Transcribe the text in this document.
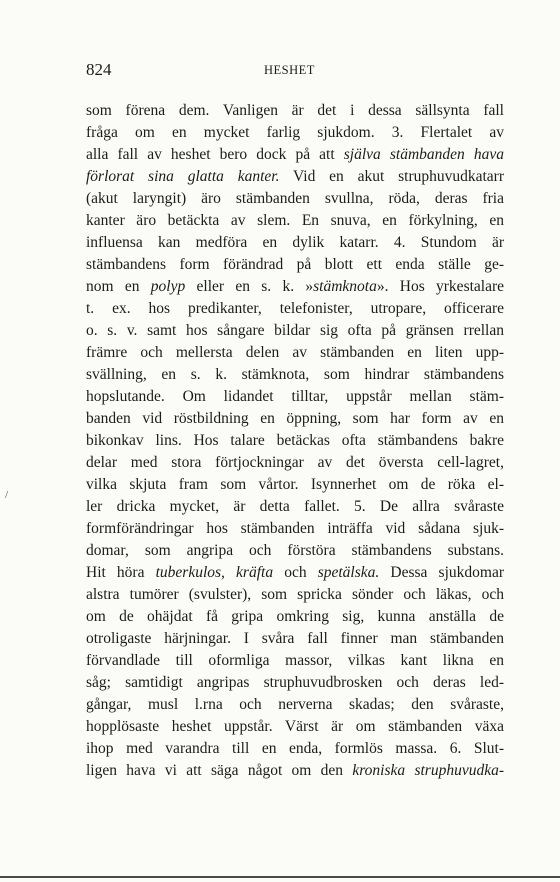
824	HESHET
som förena dem. Vanligen är det i dessa sällsynta fall
fråga om en mycket farlig sjukdom. 3. Flertalet av
alla fall av heshet bero dock på att själva stämbanden hava
förlorat sina glatta kanter. Vid en akut struphuvudkatarr
(akut laryngit) äro stämbanden svullna, röda, deras fria
kanter äro betäckta av slem. En snuva, en förkylning, en
influensa kan medföra en dylik katarr. 4. Stundom är
stämbandens form förändrad på blott ett enda ställe ge-
nom en polyp eller en s. k. »stämknota». Hos yrkestalare
t. ex. hos predikanter, telefonister, utropare, officerare
o. s. v. samt hos sångare bildar sig ofta på gränsen rrellan
främre och mellersta delen av stämbanden en liten upp-
svällning, en s. k. stämknota, som hindrar stämbandens
hopslutande. Om lidandet tilltar, uppstår mellan stäm-
banden vid röstbildning en öppning, som har form av en
bikonkav lins. Hos talare betäckas ofta stämbandens bakre
delar med stora förtjockningar av det översta cell-lagret,
vilka skjuta fram som vårtor. Isynnerhet om de röka el-
ler dricka mycket, är detta fallet. 5. De allra svåraste
formförändringar hos stämbanden inträffa vid sådana sjuk-
domar, som angripa och förstöra stämbandens substans.
Hit höra tuberkulos, kräfta och spetälska. Dessa sjukdomar
alstra tumörer (svulster), som spricka sönder och läkas, och
om de ohäjdat få gripa omkring sig, kunna anställa de
otroligaste härjningar. I svåra fall finner man stämbanden
förvandlade till oformliga massor, vilkas kant likna en
såg; samtidigt angripas struphuvudbrosken och deras led-
gångar, musl l.rna och nerverna skadas; den svåraste,
hopplösaste heshet uppstår. Värst är om stämbanden växa
ihop med varandra till en enda, formlös massa. 6. Slut-
ligen hava vi att säga något om den kroniska struphuvudka-
/
